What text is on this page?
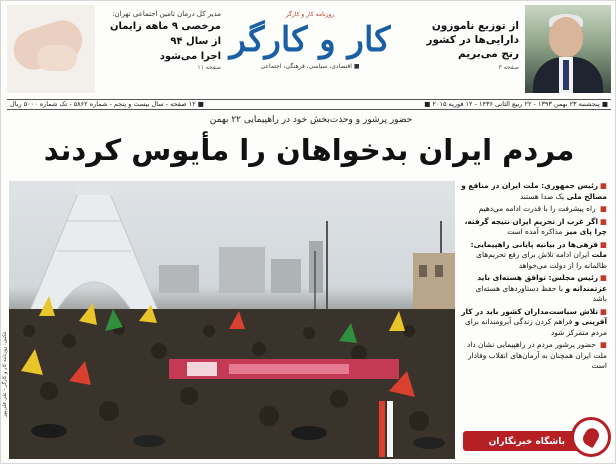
از توزیع ناموزون
دارایی‌ها در کشور
رنج می‌بریم
صفحه ۳
روزنامه کار و کارگر
کار و کارگر
■ اقتصادی، سیاسی، فرهنگی، اجتماعی
مدیر کل درمان تامین اجتماعی تهران:
مرخصی ۹ ماهه زایمان
از سال ۹۴
اجرا می‌شود
صفحه ۱۱
■ پنجشنبه ۲۳ بهمن ۱۳۹۳ - ۲۲ ربیع الثانی ۱۴۳۶ - ۱۲ فوریه ۲۰۱۵ ■
■ ۱۲ صفحه - سال بیست و پنجم - شماره ۵۸۶۲ - تک شماره ۵۰۰۰ ریال
حضور پرشور و وحدت‌بخش خود در راهپیمایی ۲۲ بهمن
مردم ایران بدخواهان را مأیوس کردند
عکس: روزنامه کار و کارگر - علی قلی‌پور
■رئیس جمهوری: ملت ایران در منافع و مصالح ملی یک صدا هستند
■ راه پیشرفت را با قدرت ادامه می‌دهیم
■اگر غرب از تحریم ایران نتیجه گرفته، چرا پای میز مذاکره آمده است
■قرهی‌ها در بیانیه پایانی راهپیمایی: ملت ایران ادامه تلاش برای رفع تحریم‌های ظالمانه را از دولت می‌خواهد
■رئیس مجلس: توافق هسته‌ای باید عزتمندانه و با حفظ دستاوردهای هسته‌ای باشد
■تلاش سیاست‌مداران کشور باید در کار آفرینی و فراهم کردن زندگی آبرومندانه برای مردم متمرکز شود
■ حضور پرشور مردم در راهپیمایی نشان داد ملت ایران همچنان به آرمان‌های انقلاب وفادار است
باشگاه خبرنگاران
